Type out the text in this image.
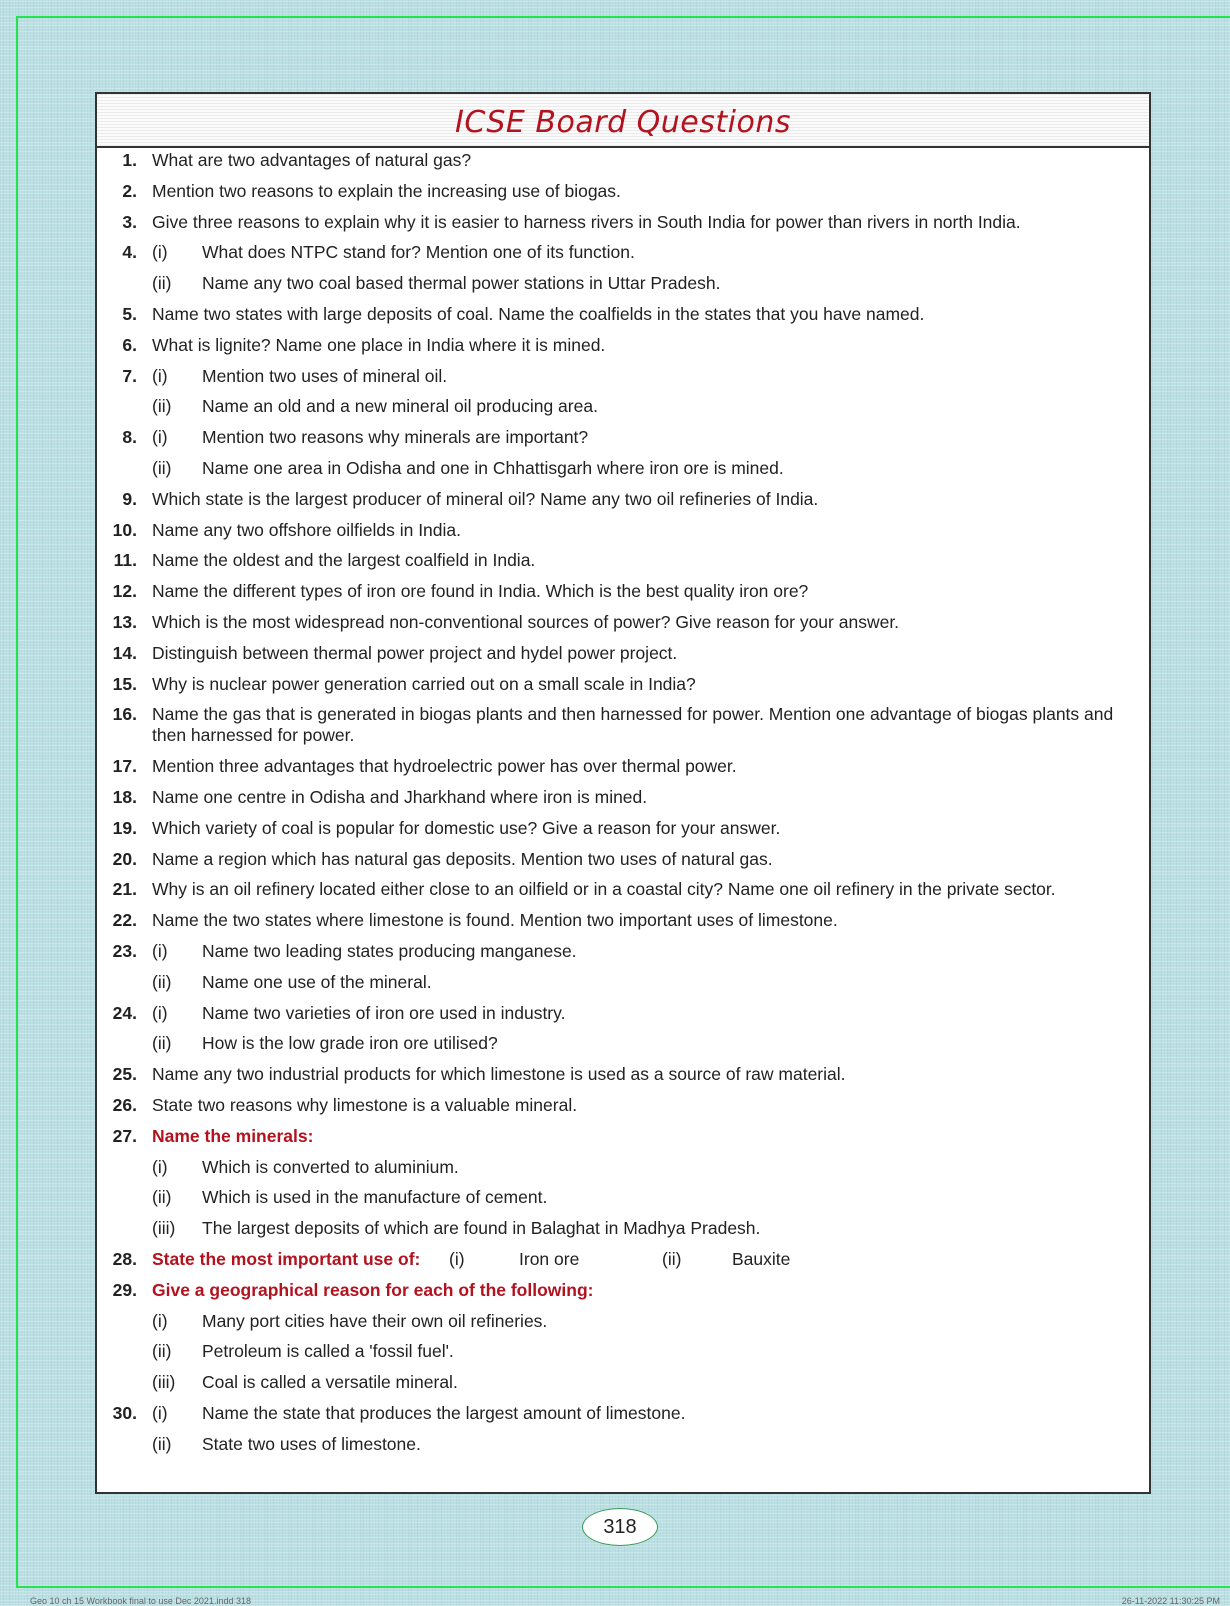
ICSE Board Questions
1. What are two advantages of natural gas?
2. Mention two reasons to explain the increasing use of biogas.
3. Give three reasons to explain why it is easier to harness rivers in South India for power than rivers in north India.
4. (i) What does NTPC stand for? Mention one of its function.
(ii) Name any two coal based thermal power stations in Uttar Pradesh.
5. Name two states with large deposits of coal. Name the coalfields in the states that you have named.
6. What is lignite? Name one place in India where it is mined.
7. (i) Mention two uses of mineral oil.
(ii) Name an old and a new mineral oil producing area.
8. (i) Mention two reasons why minerals are important?
(ii) Name one area in Odisha and one in Chhattisgarh where iron ore is mined.
9. Which state is the largest producer of mineral oil? Name any two oil refineries of India.
10. Name any two offshore oilfields in India.
11. Name the oldest and the largest coalfield in India.
12. Name the different types of iron ore found in India. Which is the best quality iron ore?
13. Which is the most widespread non-conventional sources of power? Give reason for your answer.
14. Distinguish between thermal power project and hydel power project.
15. Why is nuclear power generation carried out on a small scale in India?
16. Name the gas that is generated in biogas plants and then harnessed for power. Mention one advantage of biogas plants and then harnessed for power.
17. Mention three advantages that hydroelectric power has over thermal power.
18. Name one centre in Odisha and Jharkhand where iron is mined.
19. Which variety of coal is popular for domestic use? Give a reason for your answer.
20. Name a region which has natural gas deposits. Mention two uses of natural gas.
21. Why is an oil refinery located either close to an oilfield or in a coastal city? Name one oil refinery in the private sector.
22. Name the two states where limestone is found. Mention two important uses of limestone.
23. (i) Name two leading states producing manganese.
(ii) Name one use of the mineral.
24. (i) Name two varieties of iron ore used in industry.
(ii) How is the low grade iron ore utilised?
25. Name any two industrial products for which limestone is used as a source of raw material.
26. State two reasons why limestone is a valuable mineral.
27. Name the minerals:
(i) Which is converted to aluminium.
(ii) Which is used in the manufacture of cement.
(iii) The largest deposits of which are found in Balaghat in Madhya Pradesh.
28. State the most important use of:	(i)	Iron ore	(ii)	Bauxite
29. Give a geographical reason for each of the following:
(i) Many port cities have their own oil refineries.
(ii) Petroleum is called a 'fossil fuel'.
(iii) Coal is called a versatile mineral.
30. (i) Name the state that produces the largest amount of limestone.
(ii) State two uses of limestone.
318
Geo 10 ch 15 Workbook final to use Dec 2021.indd 318	26-11-2022 11:30:25 PM
